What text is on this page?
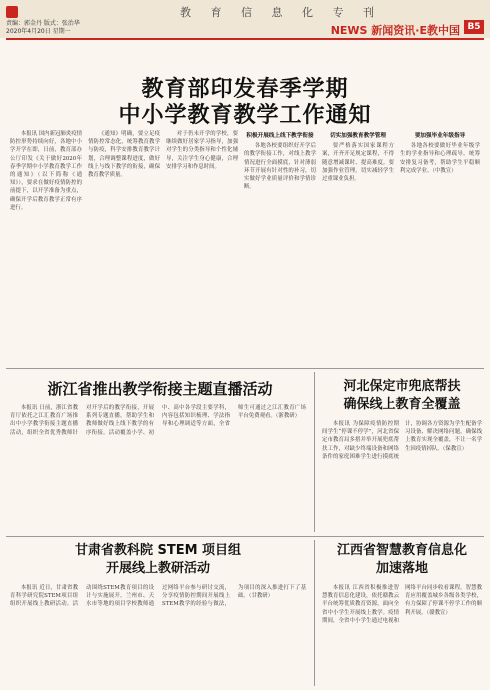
教 育 信 息 化 专 刊
责编：郭金丹 版式：张治华
2020年4月20日 星期一	NEWS 新闻资讯·E教中国 B5
教育部印发春季学期
中小学教育教学工作通知

本报讯 国内新冠肺炎疫情防控形势持续向好，各地中小学开学在即，日前，教育部办公厅印发《关于做好2020年春季学期中小学教育教学工作的通知》（以下简称《通知》），要求在做好疫情防控的前提下，以开学准备为重点，确保开学后教育教学正常有序进行。

《通知》明确，要立足疫情防控常态化，统筹教育教学与防疫，科学安排教育教学计划，合理调整课程进度，做好线上与线下教学的衔接，确保教育教学质量。

对于仍未开学的学校，要继续做好居家学习指导，加强对学生的分类指导和个性化辅导，关注学生身心健康，合理安排学习和作息时间。

积极开展线上线下教学衔接

各地各校要组织好开学后的教学衔接工作，对线上教学情况进行全面摸底，针对薄弱环节开展有针对性的补习，切实做好学业质量评价和学情诊断。

切实加强教育教学管理

要严格落实国家课程方案，开齐开足规定课程，不得随意增减课时、提高难度。要加强作业管理，切实减轻学生过重课业负担。

要加强毕业年级指导

各地各校要做好毕业年级学生的学业指导和心理疏导，统筹安排复习备考，帮助学生平稳顺利完成学业。（中教宣）

浙江省推出教学衔接主题直播活动

本报讯 日前，浙江省教育厅依托之江汇教育广场推出中小学教学衔接主题直播活动，组织全省优秀教师针对开学后的教学衔接，开展系列专题直播，帮助学生和教师做好线上线下教学的有序衔接。活动覆盖小学、初中、高中各学段主要学科，内容包括知识梳理、学法指导和心理调适等方面，全省师生可通过之江汇教育广场平台免费观看。（浙教研）

河北保定市兜底帮扶
确保线上教育全覆盖

本报讯 为保障疫情防控期间学生“停课不停学”，河北省保定市教育局多措并举开展兜底帮扶工作，对缺少终端设备和网络条件的家庭困难学生进行摸底统计，协调各方资源为学生配备学习设备、解决网络问题，确保线上教育实现全覆盖，不让一名学生因疫情掉队。（保教宣）

甘肃省教科院 STEM 项目组
开展线上教研活动

本报讯 近日，甘肃省教育科学研究院STEM项目组组织开展线上教研活动。活动围绕STEM教育项目的设计与实施展开，兰州市、天水市等地的项目学校教师通过网络平台参与研讨交流，分享疫情防控期间开展线上STEM教学的经验与做法，为项目的深入推进打下了基础。（甘教研）

江西省智慧教育信息化
加速落地

本报讯 江西省积极推进智慧教育信息化建设，依托赣教云平台统筹优质教育资源，面向全省中小学生开展线上教学。疫情期间，全省中小学生通过电视和网络平台同步收看课程，智慧教育应用覆盖城乡各级各类学校，有力保障了停课不停学工作的顺利开展。（赣教宣）
